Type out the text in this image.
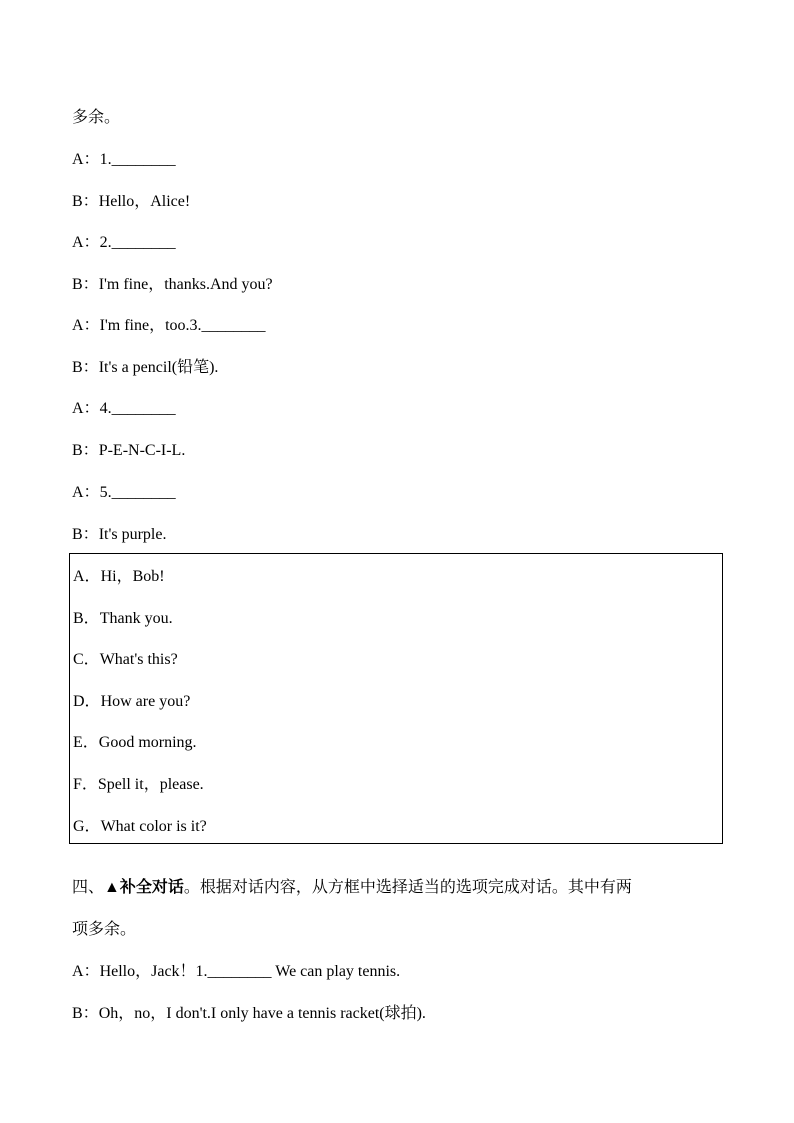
多余。
A：1.________
B：Hello，Alice!
A：2.________
B：I'm fine，thanks.And you?
A：I'm fine，too.3.________
B：It's a pencil(铅笔).
A：4.________
B：P-E-N-C-I-L.
A：5.________
B：It's purple.
A．Hi，Bob!
B．Thank you.
C．What's this?
D．How are you?
E．Good morning.
F．Spell it，please.
G．What color is it?
四、▲补全对话。根据对话内容，从方框中选择适当的选项完成对话。其中有两
项多余。
A：Hello，Jack！1.________ We can play tennis.
B：Oh，no，I don't.I only have a tennis racket(球拍).
